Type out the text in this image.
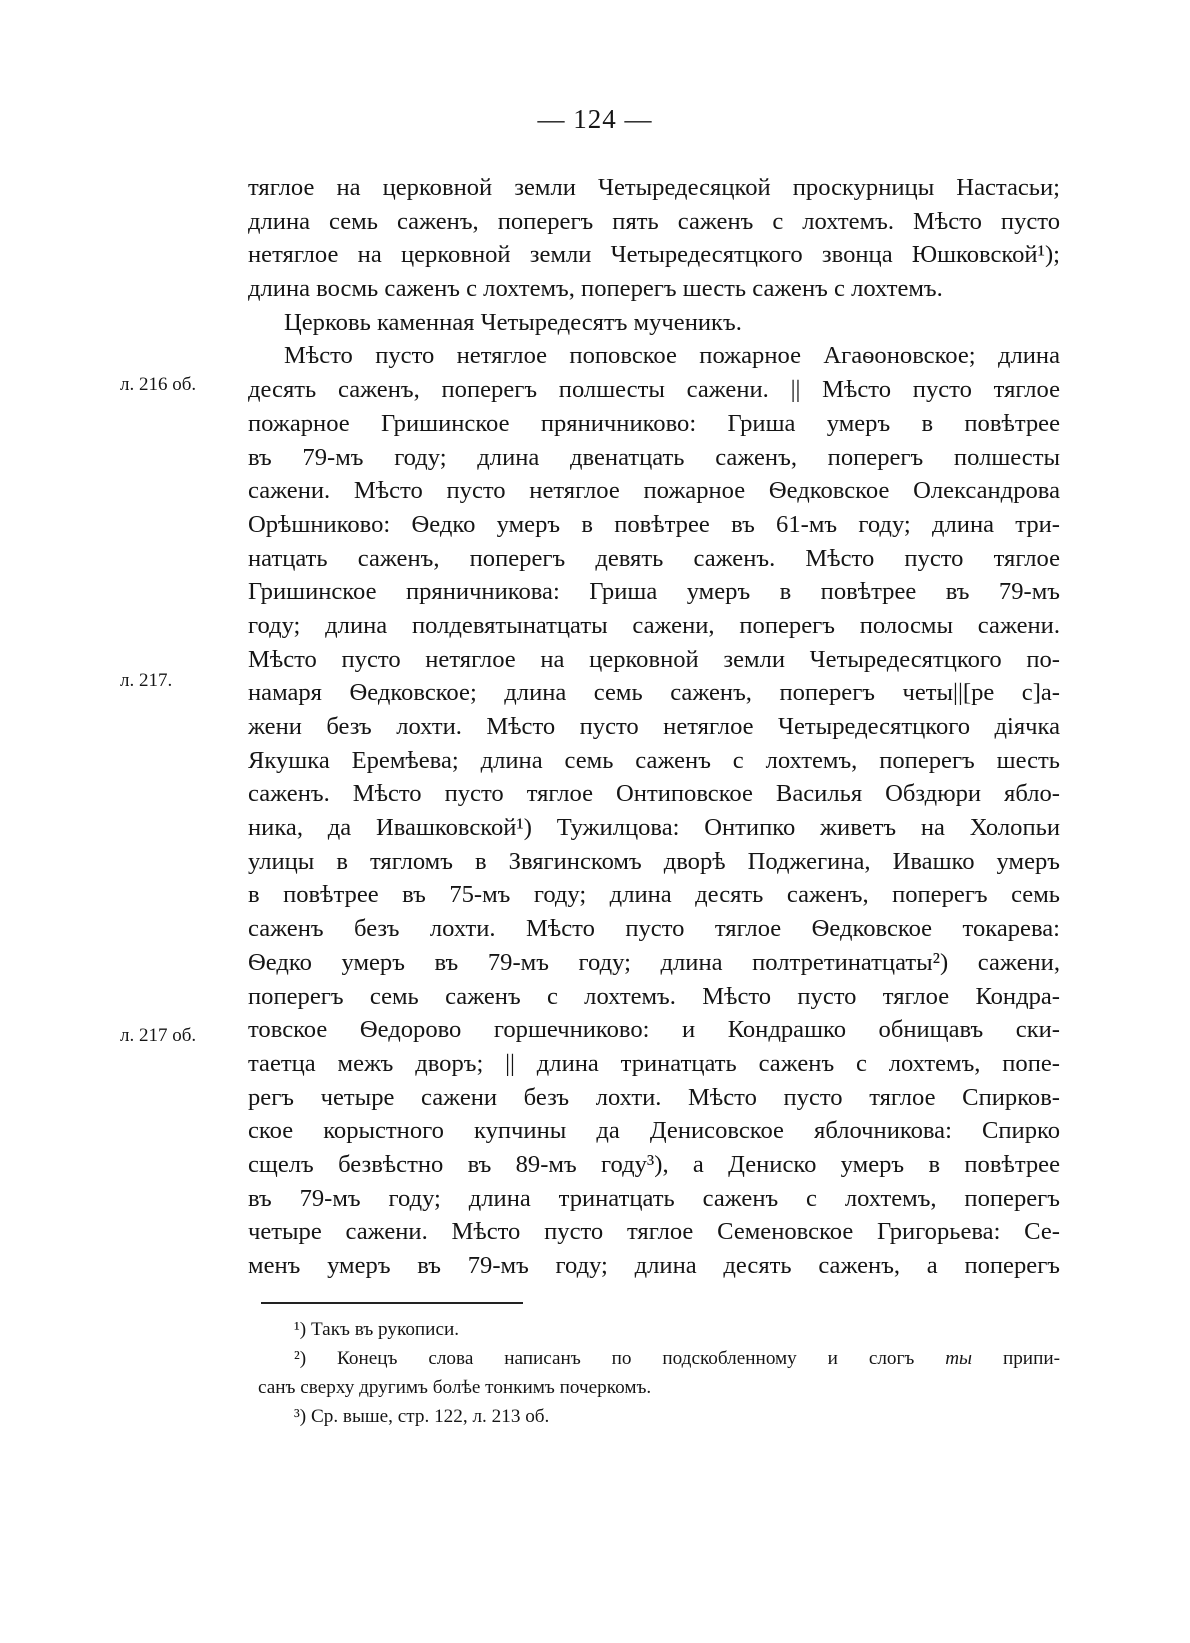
— 124 —
л. 216 об.
л. 217.
л. 217 об.
тяглое на церковной земли Четыредесяцкой проскурницы Настасьи;
длина семь саженъ, поперегъ пять саженъ с лохтемъ. Мѣсто пусто
нетяглое на церковной земли Четыредесятцкого звонца Юшковской¹);
длина восмь саженъ с лохтемъ, поперегъ шесть саженъ с лохтемъ.
Церковь каменная Четыредесятъ мученикъ.
Мѣсто пусто нетяглое поповское пожарное Агаѳоновское; длина
десять саженъ, поперегъ полшесты сажени. || Мѣсто пусто тяглое
пожарное Гришинское пряничниково: Гриша умеръ в повѣтрее
въ 79-мъ году; длина двенатцать саженъ, поперегъ полшесты
сажени. Мѣсто пусто нетяглое пожарное Ѳедковское Олександрова
Орѣшниково: Ѳедко умеръ в повѣтрее въ 61-мъ году; длина три-
натцать саженъ, поперегъ девять саженъ. Мѣсто пусто тяглое
Гришинское пряничникова: Гриша умеръ в повѣтрее въ 79-мъ
году; длина полдевятынатцаты сажени, поперегъ полосмы сажени.
Мѣсто пусто нетяглое на церковной земли Четыредесятцкого по-
намаря Ѳедковское; длина семь саженъ, поперегъ четы||[ре с]а-
жени безъ лохти. Мѣсто пусто нетяглое Четыредесятцкого дiячка
Якушка Еремѣева; длина семь саженъ с лохтемъ, поперегъ шесть
саженъ. Мѣсто пусто тяглое Онтиповское Василья Обздюри ябло-
ника, да Ивашковской¹) Тужилцова: Онтипко живетъ на Холопьи
улицы в тягломъ в Звягинскомъ дворѣ Поджегина, Ивашко умеръ
в повѣтрее въ 75-мъ году; длина десять саженъ, поперегъ семь
саженъ безъ лохти. Мѣсто пусто тяглое Ѳедковское токарева:
Ѳедко умеръ въ 79-мъ году; длина полтретинатцаты²) сажени,
поперегъ семь саженъ с лохтемъ. Мѣсто пусто тяглое Кондра-
товское Ѳедорово горшечниково: и Кондрашко обнищавъ ски-
таетца межъ дворъ; || длина тринатцать саженъ с лохтемъ, попе-
регъ четыре сажени безъ лохти. Мѣсто пусто тяглое Спирков-
ское корыстного купчины да Денисовское яблочникова: Спирко
сщелъ безвѣстно въ 89-мъ году³), а Дениско умеръ в повѣтрее
въ 79-мъ году; длина тринатцать саженъ с лохтемъ, поперегъ
четыре сажени. Мѣсто пусто тяглое Семеновское Григорьева: Се-
менъ умеръ въ 79-мъ году; длина десять саженъ, а поперегъ
¹) Такъ въ рукописи.
²) Конецъ слова написанъ по подскобленному и слогъ ты припи-
санъ сверху другимъ болѣе тонкимъ почеркомъ.
³) Ср. выше, стр. 122, л. 213 об.
